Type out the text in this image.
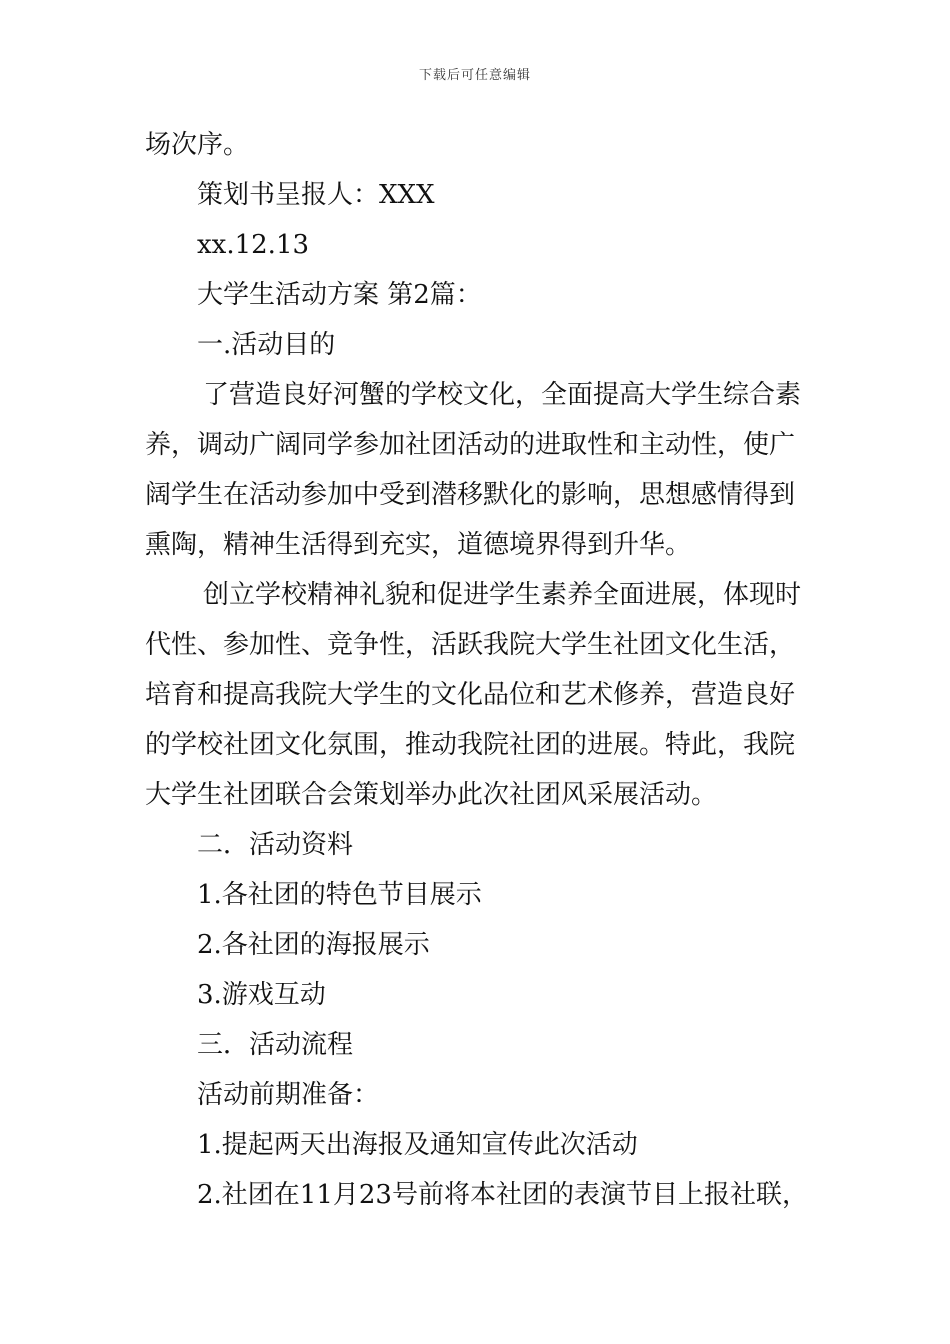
下载后可任意编辑
场次序。
策划书呈报人：XXX
xx.12.13
大学生活动方案 第2篇：
一.活动目的
了营造良好河蟹的学校文化，全面提高大学生综合素
养，调动广阔同学参加社团活动的进取性和主动性，使广
阔学生在活动参加中受到潜移默化的影响，思想感情得到
熏陶，精神生活得到充实，道德境界得到升华。
创立学校精神礼貌和促进学生素养全面进展，体现时
代性、参加性、竞争性，活跃我院大学生社团文化生活，
培育和提高我院大学生的文化品位和艺术修养，营造良好
的学校社团文化氛围，推动我院社团的进展。特此，我院
大学生社团联合会策划举办此次社团风采展活动。
二．活动资料
1.各社团的特色节目展示
2.各社团的海报展示
3.游戏互动
三．活动流程
活动前期准备：
1.提起两天出海报及通知宣传此次活动
2.社团在11月23号前将本社团的表演节目上报社联，
